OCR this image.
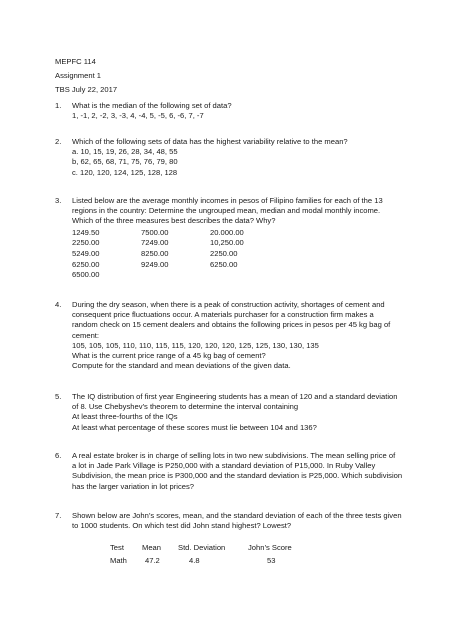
MEPFC 114
Assignment 1
TBS July 22, 2017
1.	What is the median of the following set of data?
1, -1, 2, -2, 3, -3, 4, -4, 5, -5, 6, -6, 7, -7
2.	Which of the following sets of data has the highest variability relative to the mean?
a. 10, 15, 19, 26, 28, 34, 48, 55
b, 62, 65, 68, 71, 75, 76, 79, 80
c. 120, 120, 124, 125, 128, 128
3.	Listed below are the average monthly incomes in pesos of Filipino families for each of the 13
regions in the country: Determine the ungrouped mean, median and modal monthly income.
Which of the three measures best describes the data? Why?
1249.50	7500.00	20.000.00
2250.00	7249.00	10,250.00
5249.00	8250.00	2250.00
6250.00	9249.00	6250.00
6500.00
4.	During the dry season, when there is a peak of construction activity, shortages of cement and
consequent price fluctuations occur. A materials purchaser for a construction firm makes a
random check on 15 cement dealers and obtains the following prices in pesos per 45 kg bag of
cement:
105, 105, 105, 110, 110, 115, 115, 120, 120, 120, 125, 125, 130, 130, 135
What is the current price range of a 45 kg bag of cement?
Compute for the standard and mean deviations of the given data.
5.	The IQ distribution of first year Engineering students has a mean of 120 and a standard deviation
of 8. Use Chebyshev’s theorem to determine the interval containing
At least three-fourths of the IQs
At least what percentage of these scores must lie between 104 and 136?
6.	A real estate broker is in charge of selling lots in two new subdivisions. The mean selling price of
a lot in Jade Park Village is P250,000 with a standard deviation of P15,000. In Ruby Valley
Subdivision, the mean price is P300,000 and the standard deviation is P25,000. Which subdivision
has the larger variation in lot prices?
7.	Shown below are John’s scores, mean, and the standard deviation of each of the three tests given
to 1000 students. On which test did John stand highest? Lowest?
Test	Mean	Std. Deviation	John’s Score
Math	47.2	4.8	53
